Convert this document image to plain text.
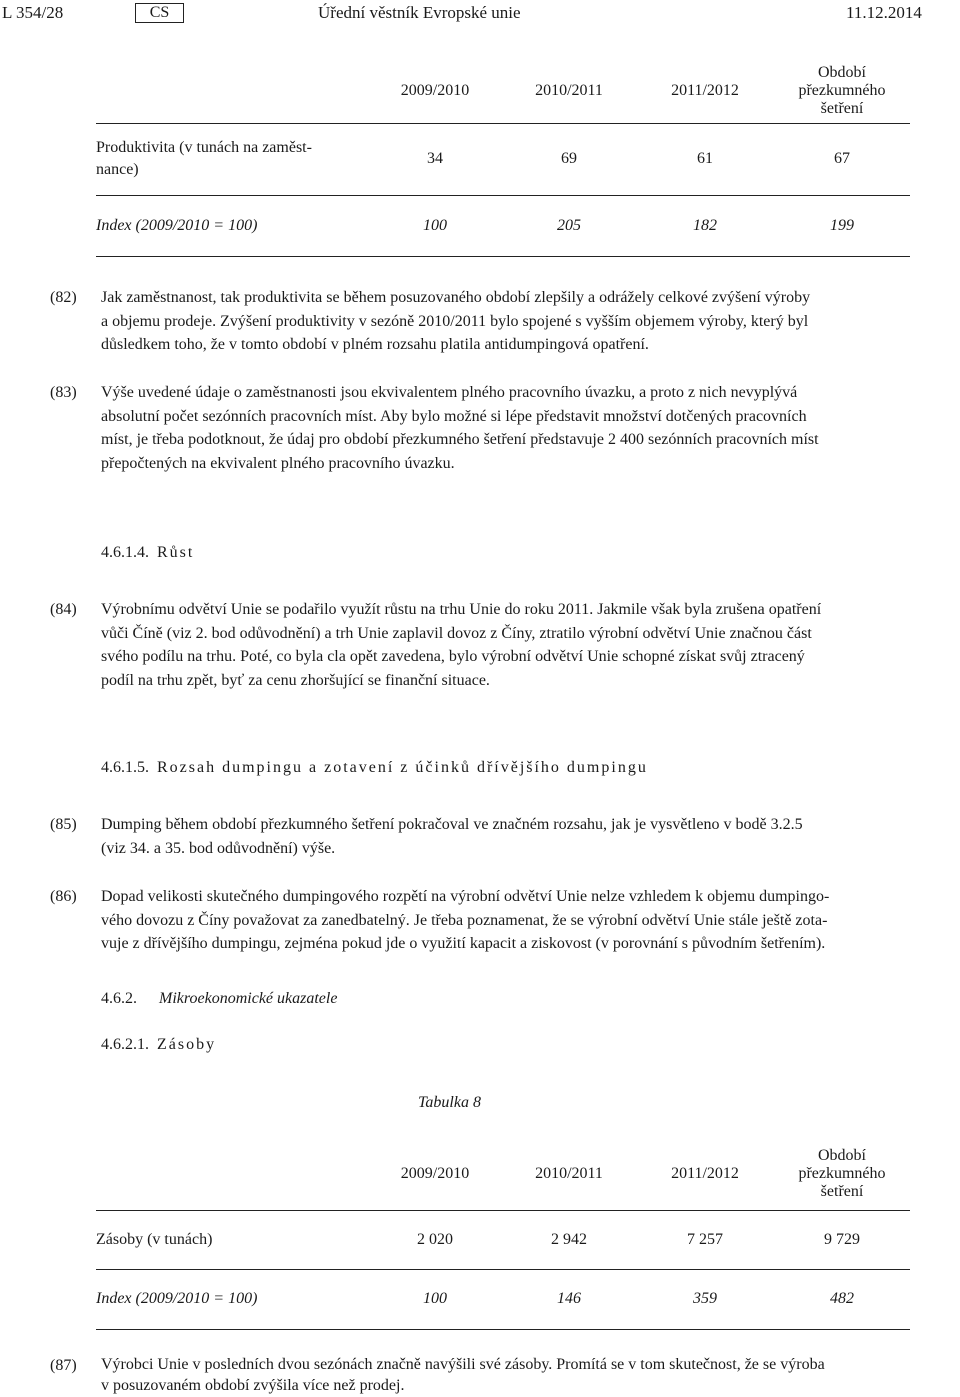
L 354/28	CS	Úřední věstník Evropské unie	11.12.2014
	2009/2010	2010/2011	2011/2012	Období
přezkumného
šetření

Produktivita (v tunách na zaměst-
nance)	34	69	61	67
Index (2009/2010 = 100)	100	205	182	199
(82)	Jak zaměstnanost, tak produktivita se během posuzovaného období zlepšily a odrážely celkové zvýšení výroby
a objemu prodeje. Zvýšení produktivity v sezóně 2010/2011 bylo spojené s vyšším objemem výroby, který byl
důsledkem toho, že v tomto období v plném rozsahu platila antidumpingová opatření.
(83)	Výše uvedené údaje o zaměstnanosti jsou ekvivalentem plného pracovního úvazku, a proto z nich nevyplývá
absolutní počet sezónních pracovních míst. Aby bylo možné si lépe představit množství dotčených pracovních
míst, je třeba podotknout, že údaj pro období přezkumného šetření představuje 2 400 sezónních pracovních míst
přepočtených na ekvivalent plného pracovního úvazku.
4.6.1.4. Růst
(84)	Výrobnímu odvětví Unie se podařilo využít růstu na trhu Unie do roku 2011. Jakmile však byla zrušena opatření
vůči Číně (viz 2. bod odůvodnění) a trh Unie zaplavil dovoz z Číny, ztratilo výrobní odvětví Unie značnou část
svého podílu na trhu. Poté, co byla cla opět zavedena, bylo výrobní odvětví Unie schopné získat svůj ztracený
podíl na trhu zpět, byť za cenu zhoršující se finanční situace.
4.6.1.5. Rozsah dumpingu a zotavení z účinků dřívějšího dumpingu
(85)	Dumping během období přezkumného šetření pokračoval ve značném rozsahu, jak je vysvětleno v bodě 3.2.5
(viz 34. a 35. bod odůvodnění) výše.
(86)	Dopad velikosti skutečného dumpingového rozpětí na výrobní odvětví Unie nelze vzhledem k objemu dumpingo-
vého dovozu z Číny považovat za zanedbatelný. Je třeba poznamenat, že se výrobní odvětví Unie stále ještě zota-
vuje z dřívějšího dumpingu, zejména pokud jde o využití kapacit a ziskovost (v porovnání s původním šetřením).
4.6.2. Mikroekonomické ukazatele
4.6.2.1. Zásoby
Tabulka 8
	2009/2010	2010/2011	2011/2012	Období
přezkumného
šetření

Zásoby (v tunách)	2 020	2 942	7 257	9 729
Index (2009/2010 = 100)	100	146	359	482
(87)	Výrobci Unie v posledních dvou sezónách značně navýšili své zásoby. Promítá se v tom skutečnost, že se výroba
v posuzovaném období zvýšila více než prodej.
